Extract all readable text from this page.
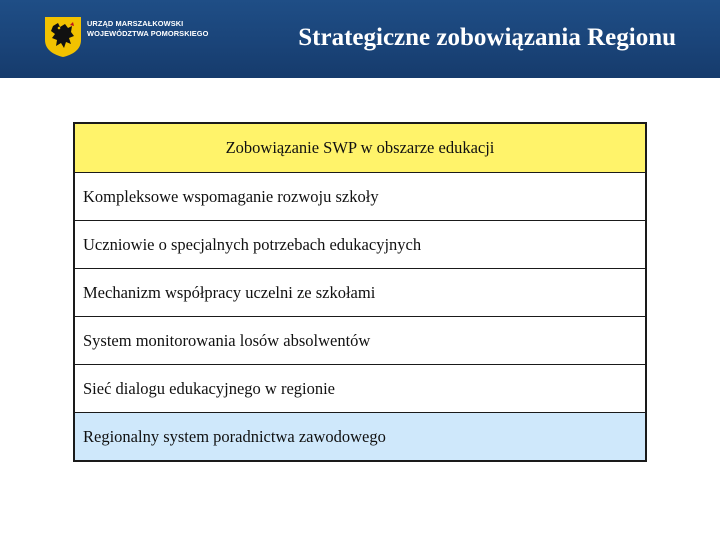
URZĄD MARSZAŁKOWSKI
WOJEWÓDZTWA POMORSKIEGO	Strategiczne zobowiązania Regionu
Zobowiązanie SWP w obszarze edukacji
Kompleksowe wspomaganie rozwoju szkoły
Uczniowie o specjalnych potrzebach edukacyjnych
Mechanizm współpracy uczelni ze szkołami
System monitorowania losów absolwentów
Sieć dialogu edukacyjnego w regionie
Regionalny system poradnictwa zawodowego
